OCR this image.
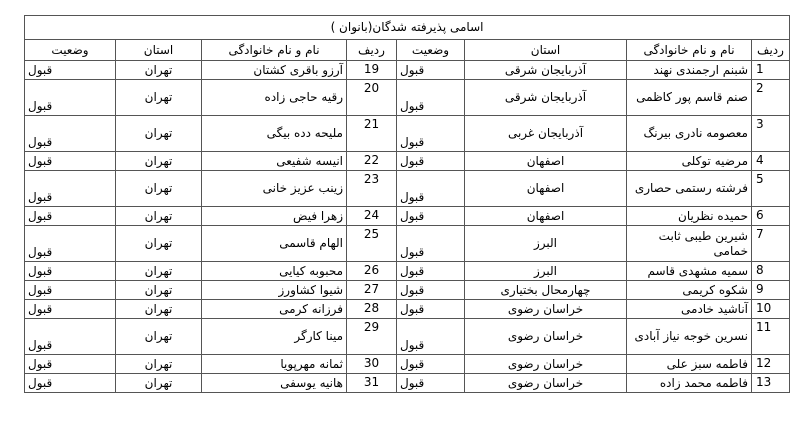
اسامی پذیرفته شدگان(بانوان )							
وضعیت	استان	نام و نام خانوادگی	ردیف	وضعیت	استان	نام و نام خانوادگی	ردیف
قبول	تهران	آرزو باقری کشتان	19	قبول	آذربایجان شرقی	شبنم ارجمندی نهند	1
قبول	تهران	رقیه حاجی زاده	20	قبول	آذربایجان شرقی	صنم قاسم پور کاظمی	2
قبول	تهران	ملیحه دده بیگی	21	قبول	آذربایجان غربی	معصومه نادری بیرنگ	3
قبول	تهران	انیسه شفیعی	22	قبول	اصفهان	مرضیه توکلی	4
قبول	تهران	زینب عزیز خانی	23	قبول	اصفهان	فرشته رستمی حصاری	5
قبول	تهران	زهرا فیض	24	قبول	اصفهان	حمیده نظریان	6
قبول	تهران	الهام قاسمی	25	قبول	البرز	شیرین طیبی ثابت خمامی	7
قبول	تهران	محبوبه کیایی	26	قبول	البرز	سمیه مشهدی قاسم	8
قبول	تهران	شیوا کشاورز	27	قبول	چهارمحال بختیاری	شکوه کریمی	9
قبول	تهران	فرزانه کرمی	28	قبول	خراسان رضوی	آناشید خادمی	10
قبول	تهران	مینا کارگر	29	قبول	خراسان رضوی	نسرین خوجه نیاز آبادی	11
قبول	تهران	ثمانه مهرپویا	30	قبول	خراسان رضوی	فاطمه سبز علی	12
قبول	تهران	هانیه یوسفی	31	قبول	خراسان رضوی	فاطمه محمد زاده	13
